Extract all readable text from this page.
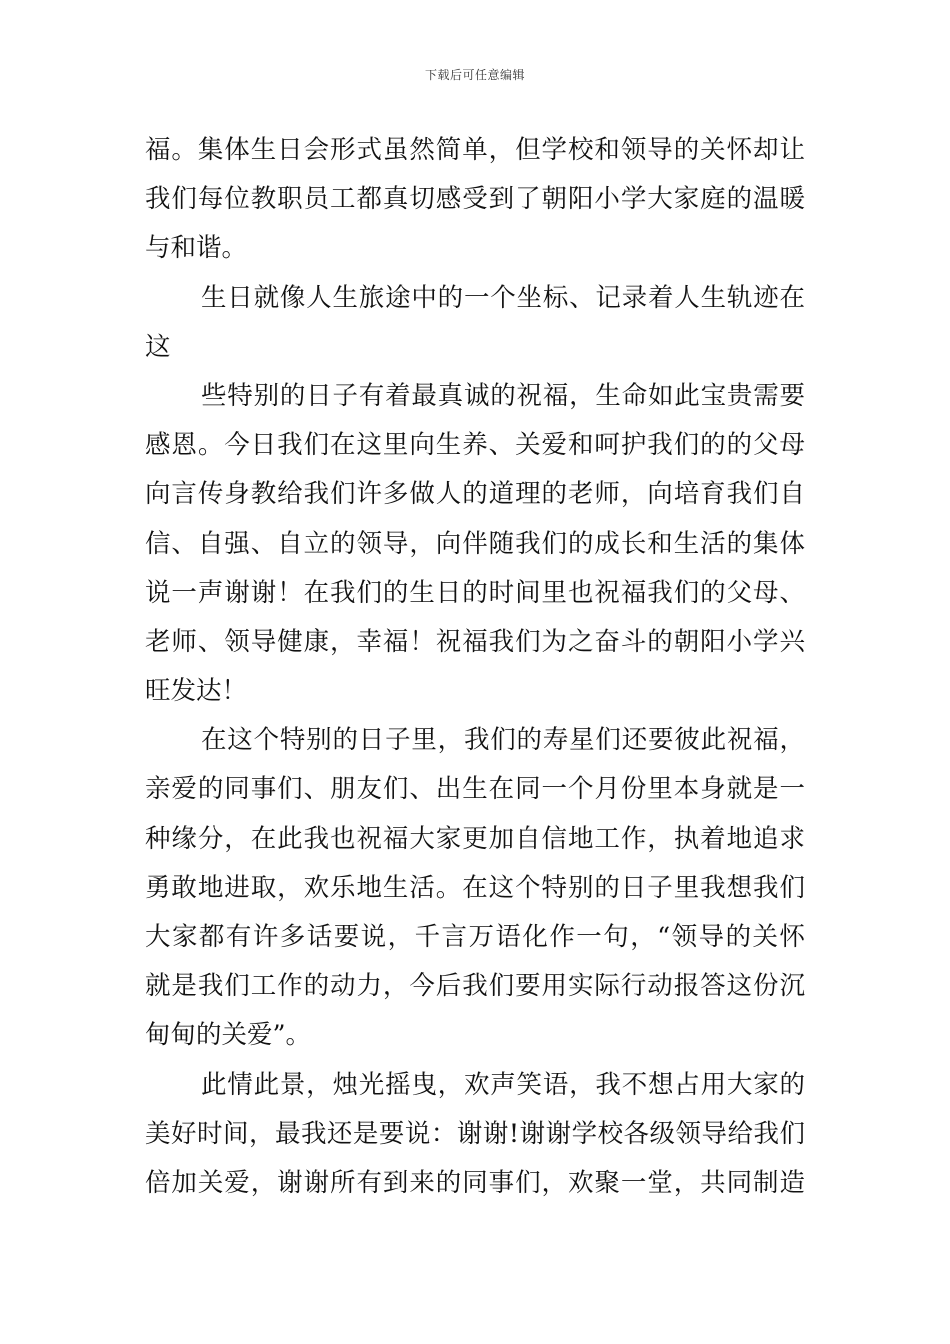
下载后可任意编辑
福。集体生日会形式虽然简单，但学校和领导的关怀却让
我们每位教职员工都真切感受到了朝阳小学大家庭的温暖
与和谐。
生日就像人生旅途中的一个坐标、记录着人生轨迹在
这
些特别的日子有着最真诚的祝福，生命如此宝贵需要
感恩。今日我们在这里向生养、关爱和呵护我们的的父母
向言传身教给我们许多做人的道理的老师，向培育我们自
信、自强、自立的领导，向伴随我们的成长和生活的集体
说一声谢谢！在我们的生日的时间里也祝福我们的父母、
老师、领导健康，幸福！祝福我们为之奋斗的朝阳小学兴
旺发达！
在这个特别的日子里，我们的寿星们还要彼此祝福，
亲爱的同事们、朋友们、出生在同一个月份里本身就是一
种缘分，在此我也祝福大家更加自信地工作，执着地追求
勇敢地进取，欢乐地生活。在这个特别的日子里我想我们
大家都有许多话要说，千言万语化作一句，“领导的关怀
就是我们工作的动力，今后我们要用实际行动报答这份沉
甸甸的关爱”。
此情此景，烛光摇曳，欢声笑语，我不想占用大家的
美好时间，最我还是要说：谢谢!谢谢学校各级领导给我们
倍加关爱，谢谢所有到来的同事们，欢聚一堂，共同制造
